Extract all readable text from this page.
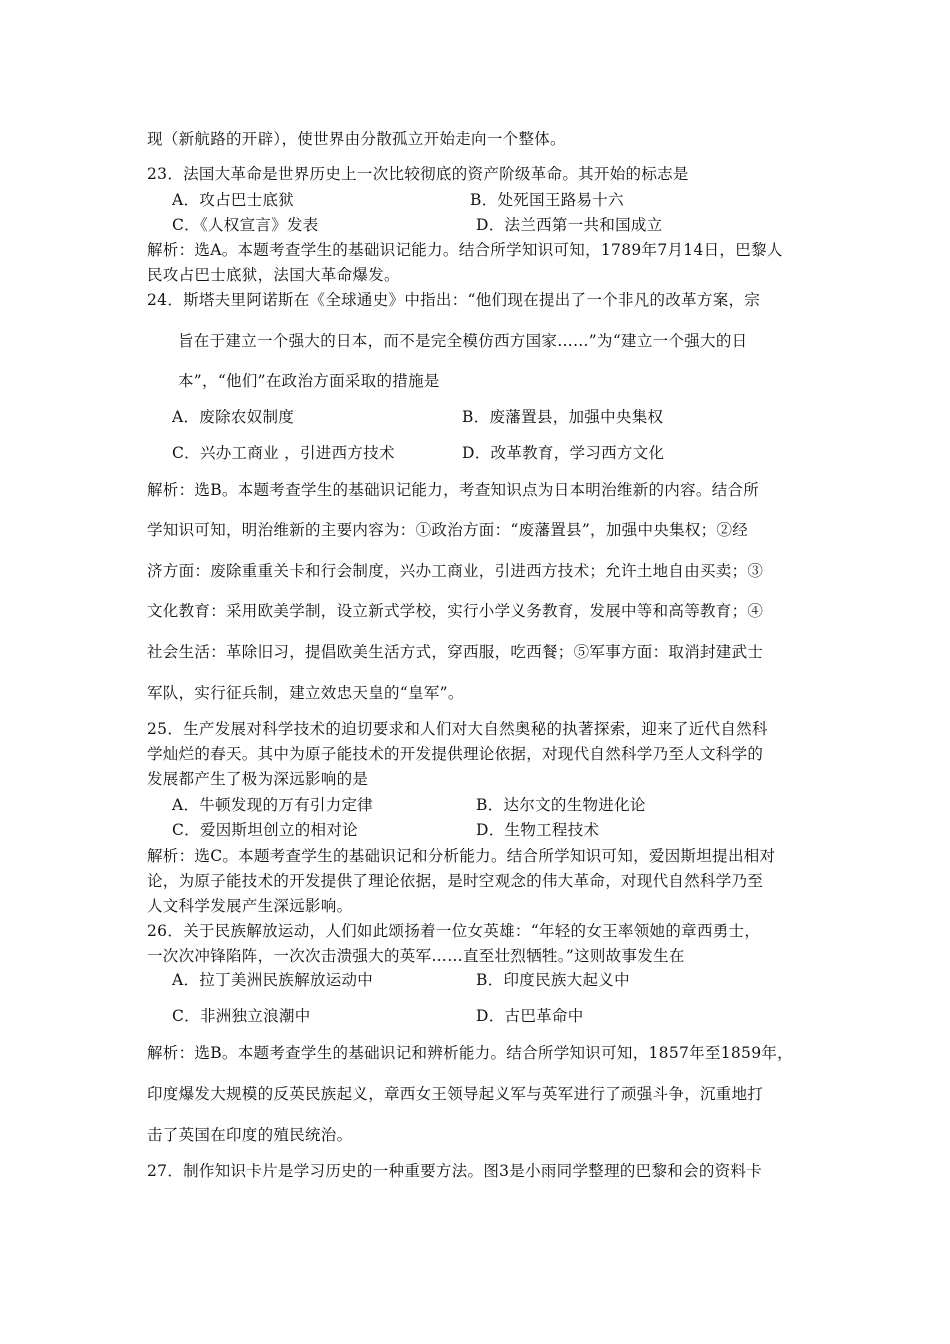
现（新航路的开辟），使世界由分散孤立开始走向一个整体。
23．法国大革命是世界历史上一次比较彻底的资产阶级革命。其开始的标志是
A．攻占巴士底狱	B．处死国王路易十六
C．《人权宣言》发表	D．法兰西第一共和国成立
解析：选A。本题考查学生的基础识记能力。结合所学知识可知，1789年7月14日，巴黎人
民攻占巴士底狱，法国大革命爆发。
24．斯塔夫里阿诺斯在《全球通史》中指出：“他们现在提出了一个非凡的改革方案，宗
旨在于建立一个强大的日本，而不是完全模仿西方国家……”为“建立一个强大的日
本”，“他们”在政治方面采取的措施是
A．废除农奴制度	B．废藩置县，加强中央集权
C．兴办工商业 ，引进西方技术	D．改革教育，学习西方文化
解析：选B。本题考查学生的基础识记能力，考查知识点为日本明治维新的内容。结合所
学知识可知，明治维新的主要内容为：①政治方面：“废藩置县”，加强中央集权；②经
济方面：废除重重关卡和行会制度，兴办工商业，引进西方技术；允许土地自由买卖；③
文化教育：采用欧美学制，设立新式学校，实行小学义务教育，发展中等和高等教育；④
社会生活：革除旧习，提倡欧美生活方式，穿西服，吃西餐；⑤军事方面：取消封建武士
军队，实行征兵制，建立效忠天皇的“皇军”。
25．生产发展对科学技术的迫切要求和人们对大自然奥秘的执著探索，迎来了近代自然科
学灿烂的春天。其中为原子能技术的开发提供理论依据，对现代自然科学乃至人文科学的
发展都产生了极为深远影响的是
A．牛顿发现的万有引力定律	B．达尔文的生物进化论
C．爱因斯坦创立的相对论	D．生物工程技术
解析：选C。本题考查学生的基础识记和分析能力。结合所学知识可知，爱因斯坦提出相对
论，为原子能技术的开发提供了理论依据，是时空观念的伟大革命，对现代自然科学乃至
人文科学发展产生深远影响。
26．关于民族解放运动，人们如此颂扬着一位女英雄：“年轻的女王率领她的章西勇士，
一次次冲锋陷阵，一次次击溃强大的英军……直至壮烈牺牲。”这则故事发生在
A．拉丁美洲民族解放运动中	B．印度民族大起义中
C．非洲独立浪潮中	D．古巴革命中
解析：选B。本题考查学生的基础识记和辨析能力。结合所学知识可知，1857年至1859年，
印度爆发大规模的反英民族起义，章西女王领导起义军与英军进行了顽强斗争，沉重地打
击了英国在印度的殖民统治。
27．制作知识卡片是学习历史的一种重要方法。图3是小雨同学整理的巴黎和会的资料卡
